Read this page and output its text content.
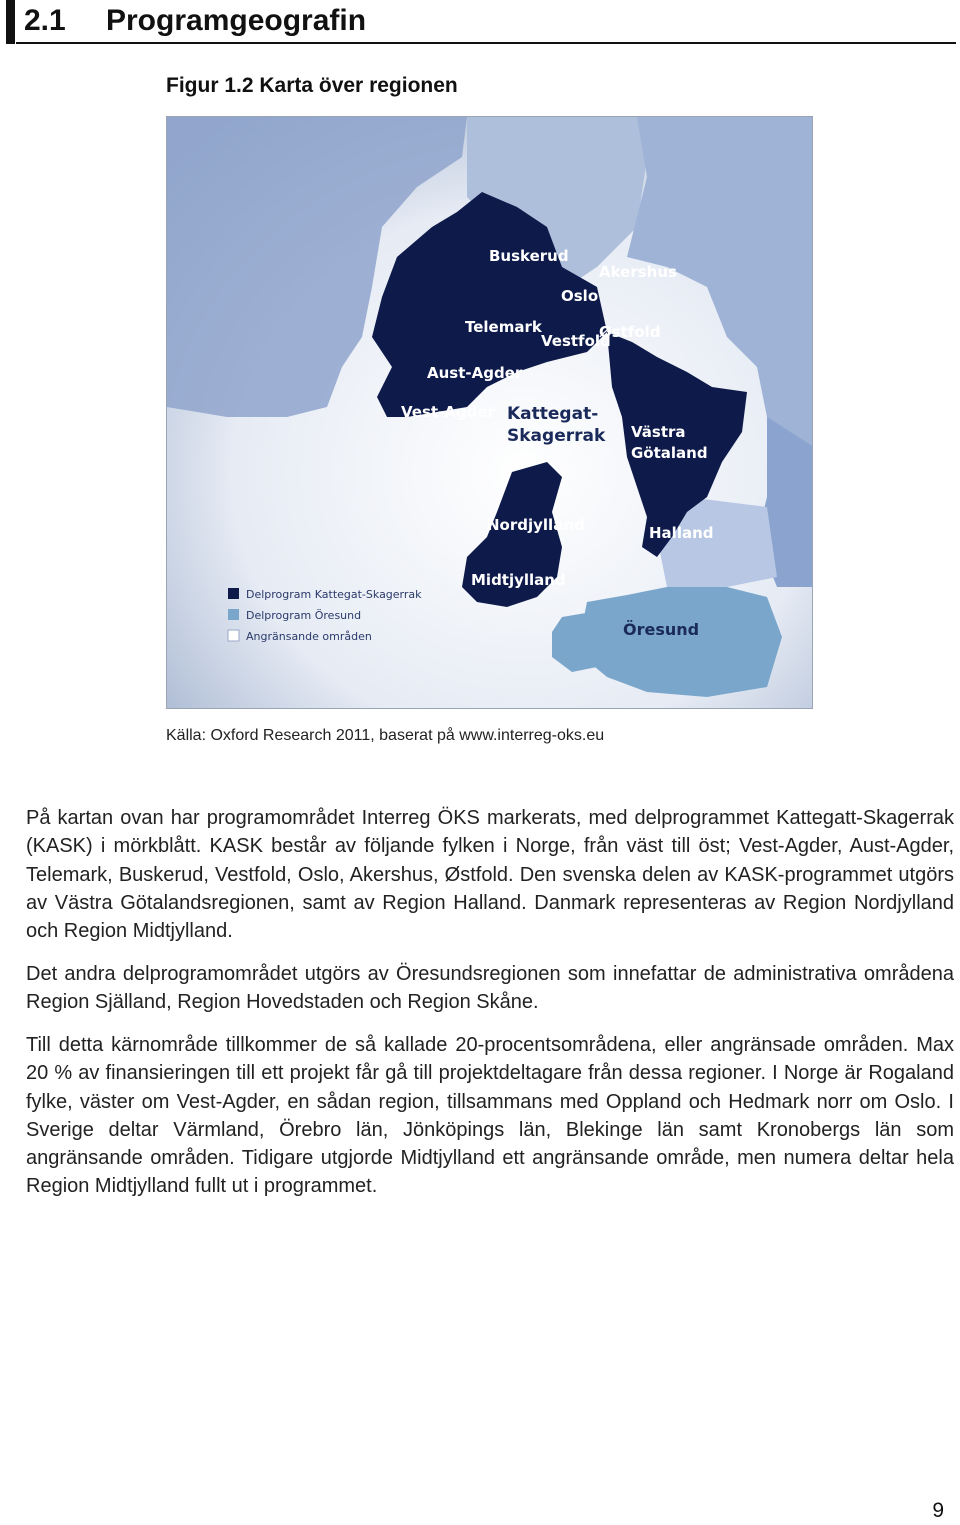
2.1 Programgeografin
Figur 1.2 Karta över regionen
Buskerud
Akershus
Oslo
Telemark	Østfold
Vestfold
Aust-Agder
Vest-Agder Kattegat-
Skagerrak Västra
Götaland
Nordjylland	Halland
Midtjylland
Öresund
Delprogram Kattegat-Skagerrak
Delprogram Öresund
Angränsande områden
Källa: Oxford Research 2011, baserat på www.interreg-oks.eu

På kartan ovan har programområdet Interreg ÖKS markerats, med delprogrammet Kattegatt-Skagerrak (KASK) i mörkblått. KASK består av följande fylken i Norge, från väst till öst; Vest-Agder, Aust-Agder, Telemark, Buskerud, Vestfold, Oslo, Akershus, Østfold. Den svenska delen av KASK-programmet utgörs av Västra Götalandsregionen, samt av Region Halland. Danmark representeras av Region Nordjylland och Region Midtjylland.

Det andra delprogramområdet utgörs av Öresundsregionen som innefattar de administrativa områdena Region Själland, Region Hovedstaden och Region Skåne.

Till detta kärnområde tillkommer de så kallade 20-procentsområdena, eller angränsade områden. Max 20 % av finansieringen till ett projekt får gå till projektdeltagare från dessa regioner. I Norge är Rogaland fylke, väster om Vest-Agder, en sådan region, tillsammans med Oppland och Hedmark norr om Oslo. I Sverige deltar Värmland, Örebro län, Jönköpings län, Blekinge län samt Kronobergs län som angränsande områden. Tidigare utgjorde Midtjylland ett angränsande område, men numera deltar hela Region Midtjylland fullt ut i programmet.

9
